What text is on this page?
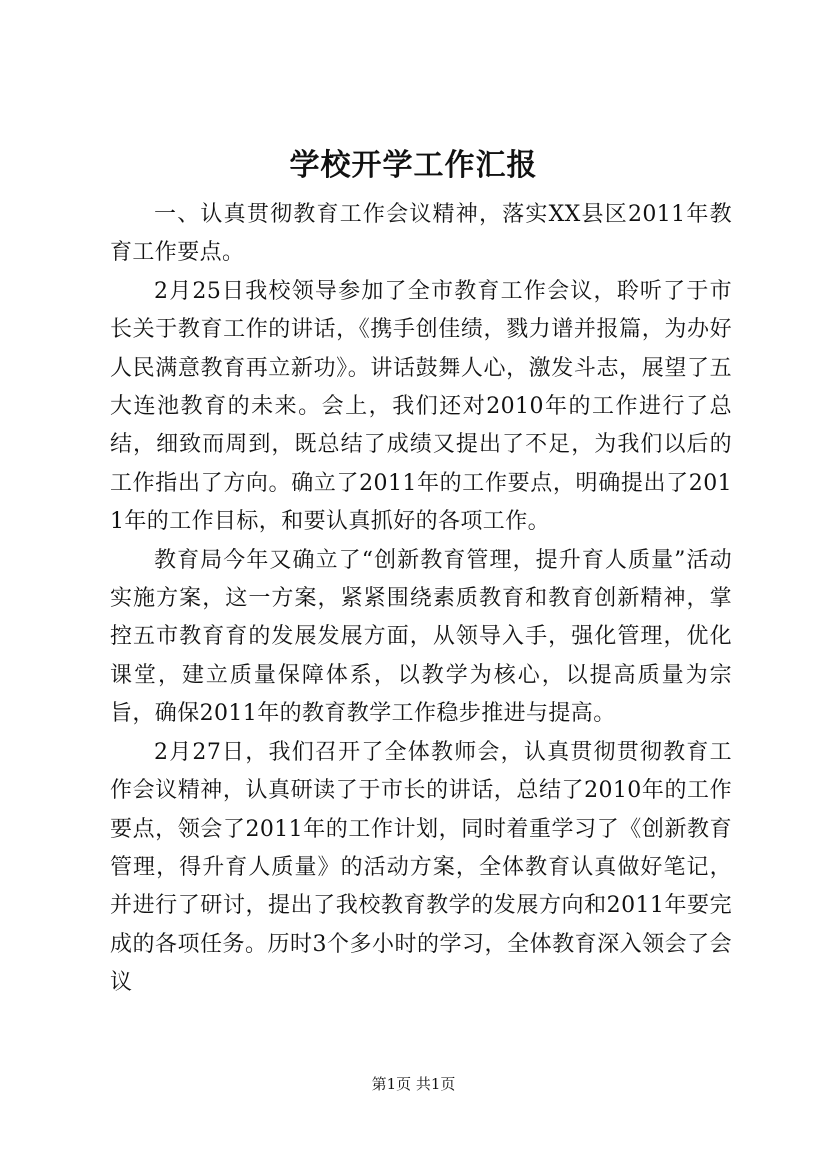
学校开学工作汇报

一、认真贯彻教育工作会议精神，落实XX县区2011年教育工作要点。

2月25日我校领导参加了全市教育工作会议，聆听了于市长关于教育工作的讲话，《携手创佳绩，戮力谱并报篇，为办好人民满意教育再立新功》。讲话鼓舞人心，激发斗志，展望了五大连池教育的未来。会上，我们还对2010年的工作进行了总结，细致而周到，既总结了成绩又提出了不足，为我们以后的工作指出了方向。确立了2011年的工作要点，明确提出了2011年的工作目标，和要认真抓好的各项工作。

教育局今年又确立了“创新教育管理，提升育人质量”活动实施方案，这一方案，紧紧围绕素质教育和教育创新精神，掌控五市教育育的发展发展方面，从领导入手，强化管理，优化课堂，建立质量保障体系，以教学为核心，以提高质量为宗旨，确保2011年的教育教学工作稳步推进与提高。

2月27日，我们召开了全体教师会，认真贯彻贯彻教育工作会议精神，认真研读了于市长的讲话，总结了2010年的工作要点，领会了2011年的工作计划，同时着重学习了《创新教育管理，得升育人质量》的活动方案，全体教育认真做好笔记，并进行了研讨，提出了我校教育教学的发展方向和2011年要完成的各项任务。历时3个多小时的学习，全体教育深入领会了会议

第1页 共1页
